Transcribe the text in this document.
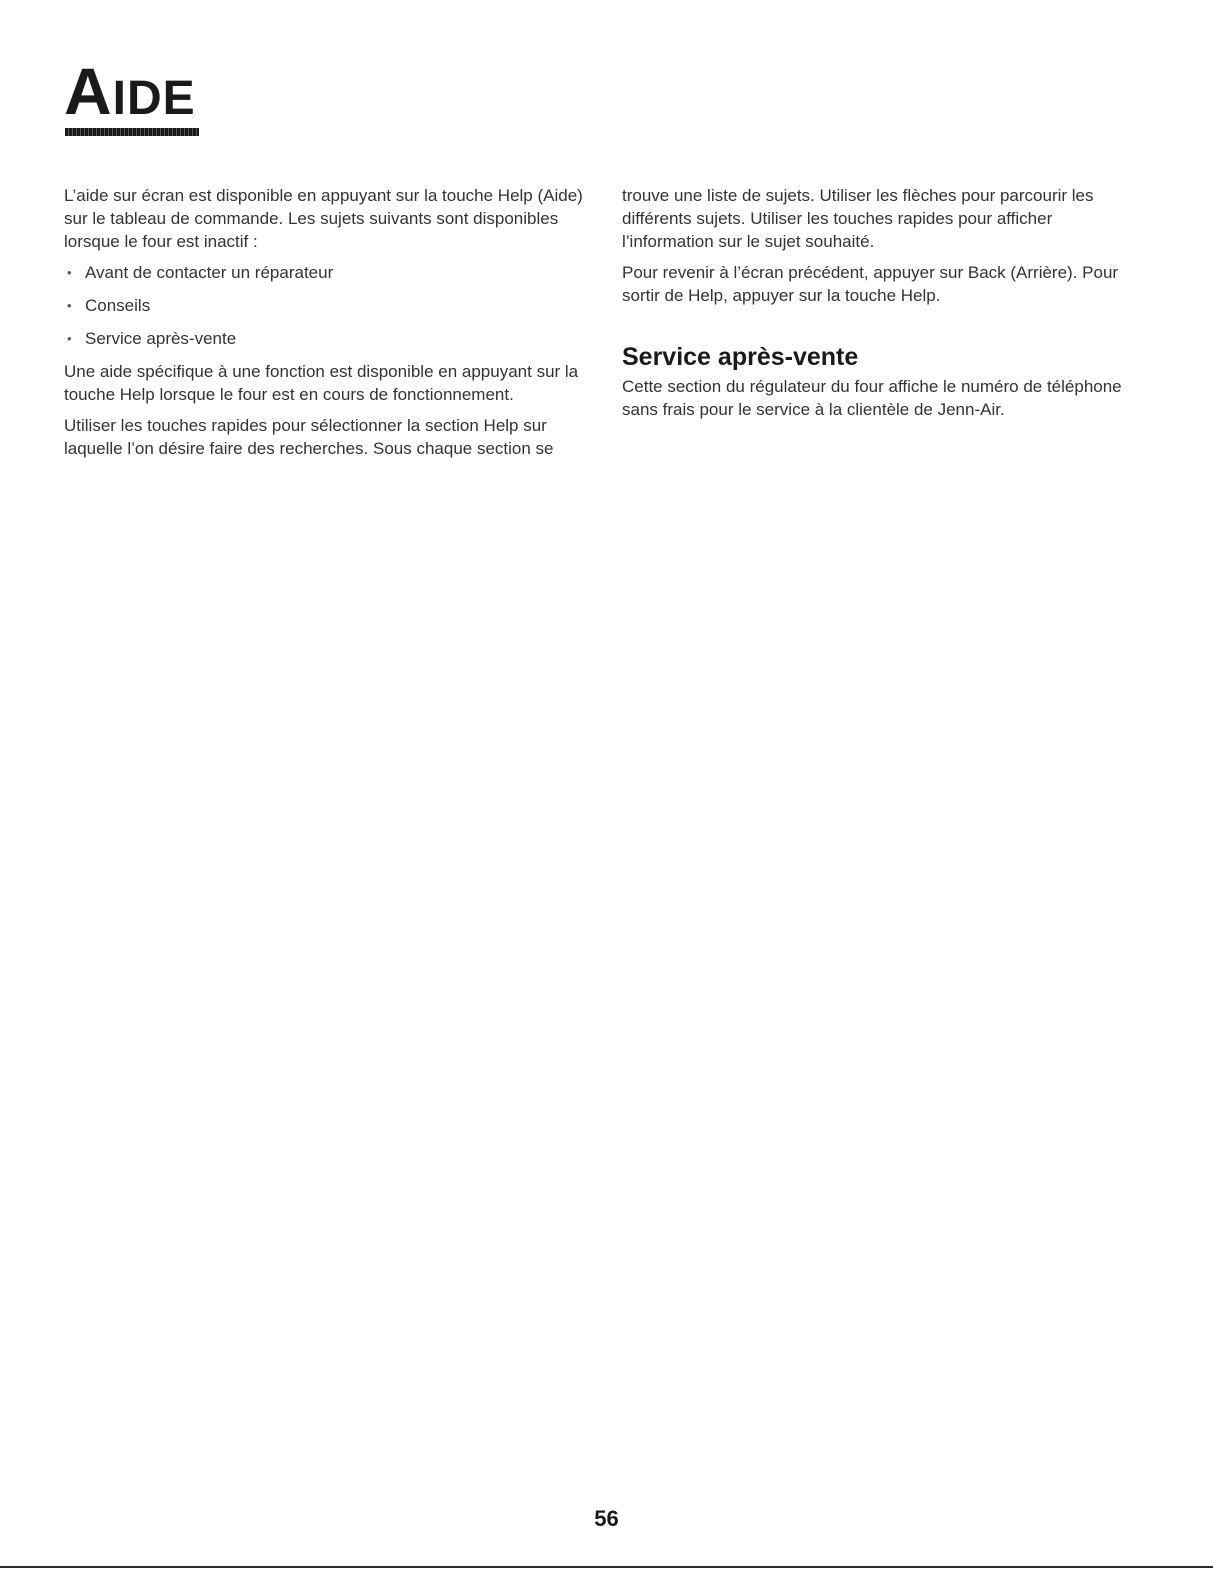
AIDE

L’aide sur écran est disponible en appuyant sur la touche Help (Aide) sur le tableau de commande. Les sujets suivants sont disponibles lorsque le four est inactif :

• Avant de contacter un réparateur
• Conseils
• Service après-vente

Une aide spécifique à une fonction est disponible en appuyant sur la touche Help lorsque le four est en cours de fonctionnement.

Utiliser les touches rapides pour sélectionner la section Help sur laquelle l’on désire faire des recherches. Sous chaque section se

trouve une liste de sujets. Utiliser les flèches pour parcourir les différents sujets. Utiliser les touches rapides pour afficher l’information sur le sujet souhaité.

Pour revenir à l’écran précédent, appuyer sur Back (Arrière). Pour sortir de Help, appuyer sur la touche Help.

Service après-vente

Cette section du régulateur du four affiche le numéro de téléphone sans frais pour le service à la clientèle de Jenn-Air.

56
